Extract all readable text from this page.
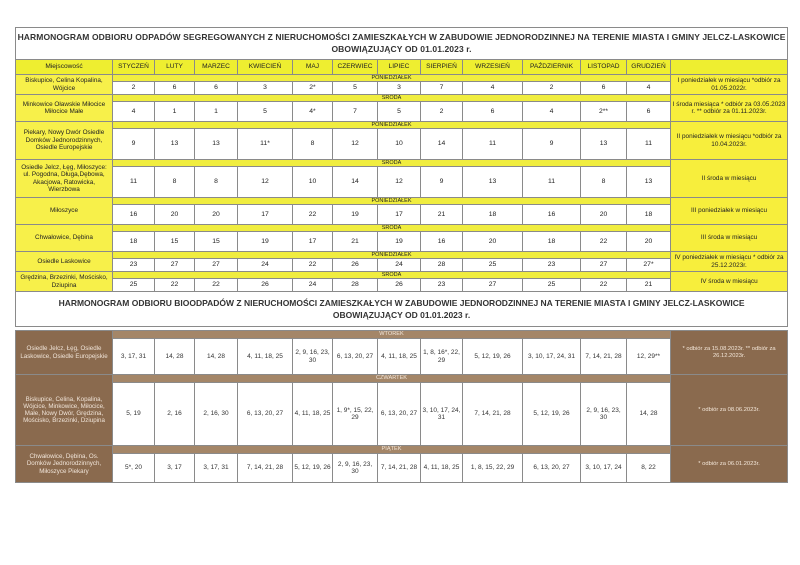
HARMONOGRAM ODBIORU ODPADÓW SEGREGOWANYCH Z NIERUCHOMOŚCI ZAMIESZKAŁYCH W ZABUDOWIE JEDNORODZINNEJ NA TERENIE MIASTA I GMINY JELCZ-LASKOWICE
OBOWIĄZUJĄCY OD 01.01.2023 r.													

Miejscowość	STYCZEŃ	LUTY	MARZEC	KWIECIEŃ	MAJ	CZERWIEC	LIPIEC	SIERPIEŃ	WRZESIEŃ	PAŹDZIERNIK	LISTOPAD	GRUDZIEŃ	
Biskupice, Celina Kopalina, Wójcice	PONIEDZIAŁEK												I poniedziałek w miesiącu *odbiór za 01.05.2022r.
	2	6	6	3	2*	5	3	7	4	2	6	4	
Minkowice Oławskie Miłocice Miłocice Małe	ŚRODA												I środa miesiąca * odbiór za 03.05.2023 r. ** odbiór za 01.11.2023r.
	4	1	1	5	4*	7	5	2	6	4	2**	6	
Piekary, Nowy Dwór Osiedle Domków Jednorodzinnych, Osiedle Europejskie	PONIEDZIAŁEK												II poniedziałek w miesiącu *odbiór za 10.04.2023r.
	9	13	13	11*	8	12	10	14	11	9	13	11	
Osiedle Jelcz, Łęg, Miłoszyce: ul. Pogodna, Długa,Dębowa, Akacjowa, Ratowicka, Wierzbowa	ŚRODA												II środa w miesiącu
	11	8	8	12	10	14	12	9	13	11	8	13	
Miłoszyce	PONIEDZIAŁEK												III poniedziałek w miesiącu
	16	20	20	17	22	19	17	21	18	16	20	18	
Chwałowice, Dębina	ŚRODA												III środa w miesiącu
	18	15	15	19	17	21	19	16	20	18	22	20	
Osiedle Laskowice	PONIEDZIAŁEK												IV poniedziałek w miesiącu * odbiór za 25.12.2023r.
	23	27	27	24	22	26	24	28	25	23	27	27*	
Grędzina, Brzezinki, Mościsko, Dziupina	ŚRODA												IV środa w miesiącu
	25	22	22	26	24	28	26	23	27	25	22	21	

HARMONOGRAM ODBIORU BIOODPADÓW Z NIERUCHOMOŚCI ZAMIESZKAŁYCH W ZABUDOWIE JEDNORODZINNEJ NA TERENIE MIASTA I GMINY JELCZ-LASKOWICE
OBOWIĄZUJĄCY OD 01.01.2023 r.													

Osiedle Jelcz, Łęg, Osiedle Laskowice, Osiedle Europejskie	WTOREK												* odbiór za 15.08.2023r. ** odbiór za 26.12.2023r.
	3, 17, 31	14, 28	14, 28	4, 11, 18, 25	2, 9, 16, 23, 30	6, 13, 20, 27	4, 11, 18, 25	1, 8, 16*, 22, 29	5, 12, 19, 26	3, 10, 17, 24, 31	7, 14, 21, 28	12, 29**	
Biskupice, Celina, Kopalina, Wójcice, Minkowice, Miłocice, Małe, Nowy Dwór, Grędzina, Mościsko, Brzezinki, Dziupina	CZWARTEK												* odbiór za 08.06.2023r.
	5, 19	2, 16	2, 16, 30	6, 13, 20, 27	4, 11, 18, 25	1, 9*, 15, 22, 29	6, 13, 20, 27	3, 10, 17, 24, 31	7, 14, 21, 28	5, 12, 19, 26	2, 9, 16, 23, 30	14, 28	
Chwałowice, Dębina, Os. Domków Jednorodzinnych, Miłoszyce Piekary	PIĄTEK												* odbiór za 06.01.2023r.
	5*, 20	3, 17	3, 17, 31	7, 14, 21, 28	5, 12, 19, 26	2, 9, 16, 23, 30	7, 14, 21, 28	4, 11, 18, 25	1, 8, 15, 22, 29	6, 13, 20, 27	3, 10, 17, 24	8, 22	
